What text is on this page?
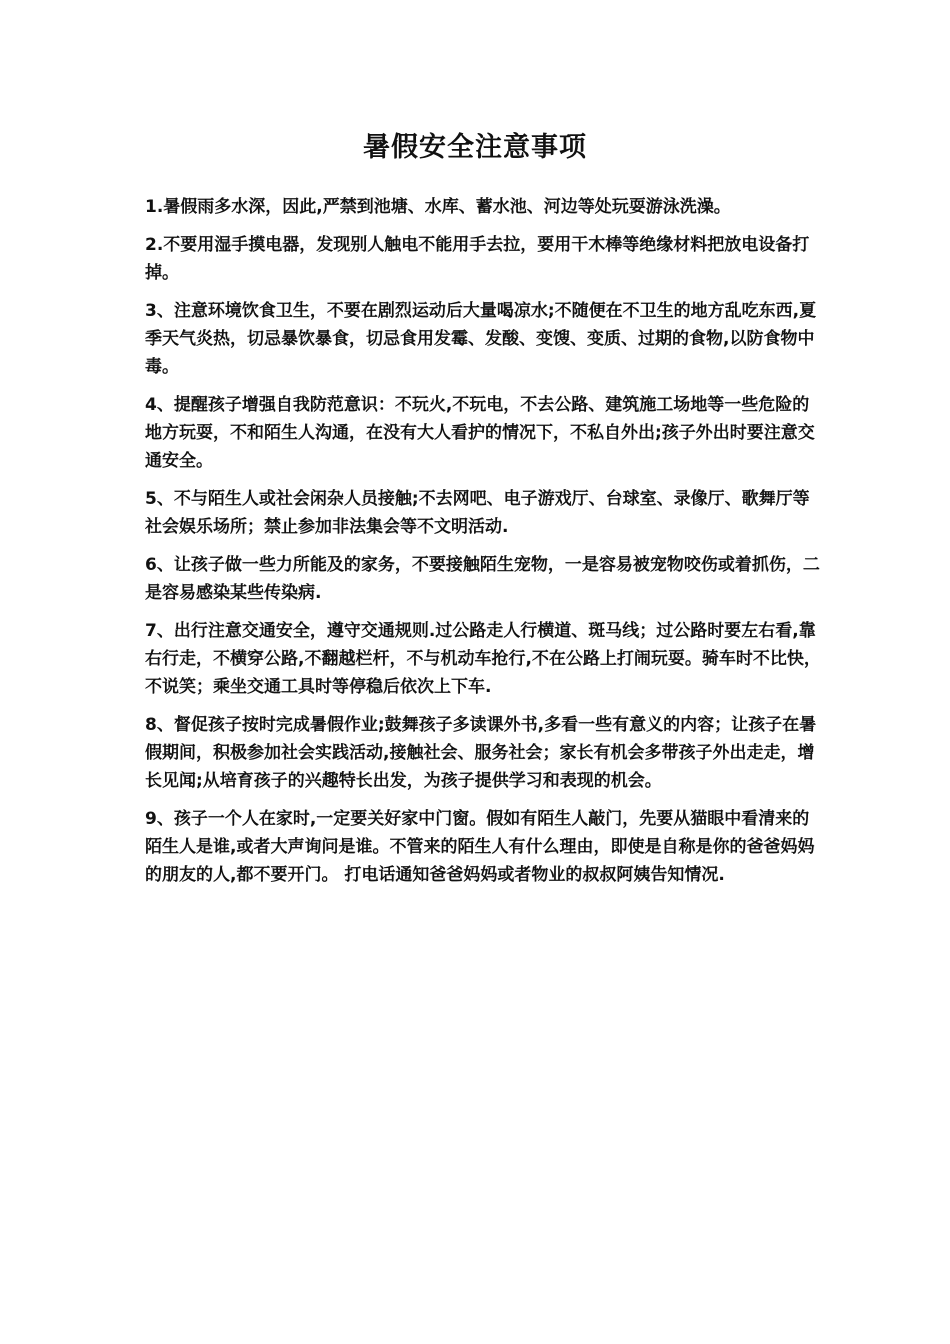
暑假安全注意事项
1.暑假雨多水深，因此,严禁到池塘、水库、蓄水池、河边等处玩耍游泳洗澡。
2.不要用湿手摸电器，发现别人触电不能用手去拉，要用干木棒等绝缘材料把放电设备打掉。
3、注意环境饮食卫生，不要在剧烈运动后大量喝凉水;不随便在不卫生的地方乱吃东西,夏季天气炎热，切忌暴饮暴食，切忌食用发霉、发酸、变馊、变质、过期的食物,以防食物中毒。
4、提醒孩子增强自我防范意识：不玩火,不玩电，不去公路、建筑施工场地等一些危险的地方玩耍，不和陌生人沟通，在没有大人看护的情况下，不私自外出;孩子外出时要注意交通安全。
5、不与陌生人或社会闲杂人员接触;不去网吧、电子游戏厅、台球室、录像厅、歌舞厅等社会娱乐场所；禁止参加非法集会等不文明活动.
6、让孩子做一些力所能及的家务，不要接触陌生宠物，一是容易被宠物咬伤或着抓伤，二是容易感染某些传染病.
7、出行注意交通安全，遵守交通规则.过公路走人行横道、斑马线；过公路时要左右看,靠右行走，不横穿公路,不翻越栏杆，不与机动车抢行,不在公路上打闹玩耍。骑车时不比快，不说笑；乘坐交通工具时等停稳后依次上下车.
8、督促孩子按时完成暑假作业;鼓舞孩子多读课外书,多看一些有意义的内容；让孩子在暑假期间，积极参加社会实践活动,接触社会、服务社会；家长有机会多带孩子外出走走，增长见闻;从培育孩子的兴趣特长出发，为孩子提供学习和表现的机会。
9、孩子一个人在家时,一定要关好家中门窗。假如有陌生人敲门，先要从猫眼中看清来的陌生人是谁,或者大声询问是谁。不管来的陌生人有什么理由，即使是自称是你的爸爸妈妈的朋友的人,都不要开门。 打电话通知爸爸妈妈或者物业的叔叔阿姨告知情况.
